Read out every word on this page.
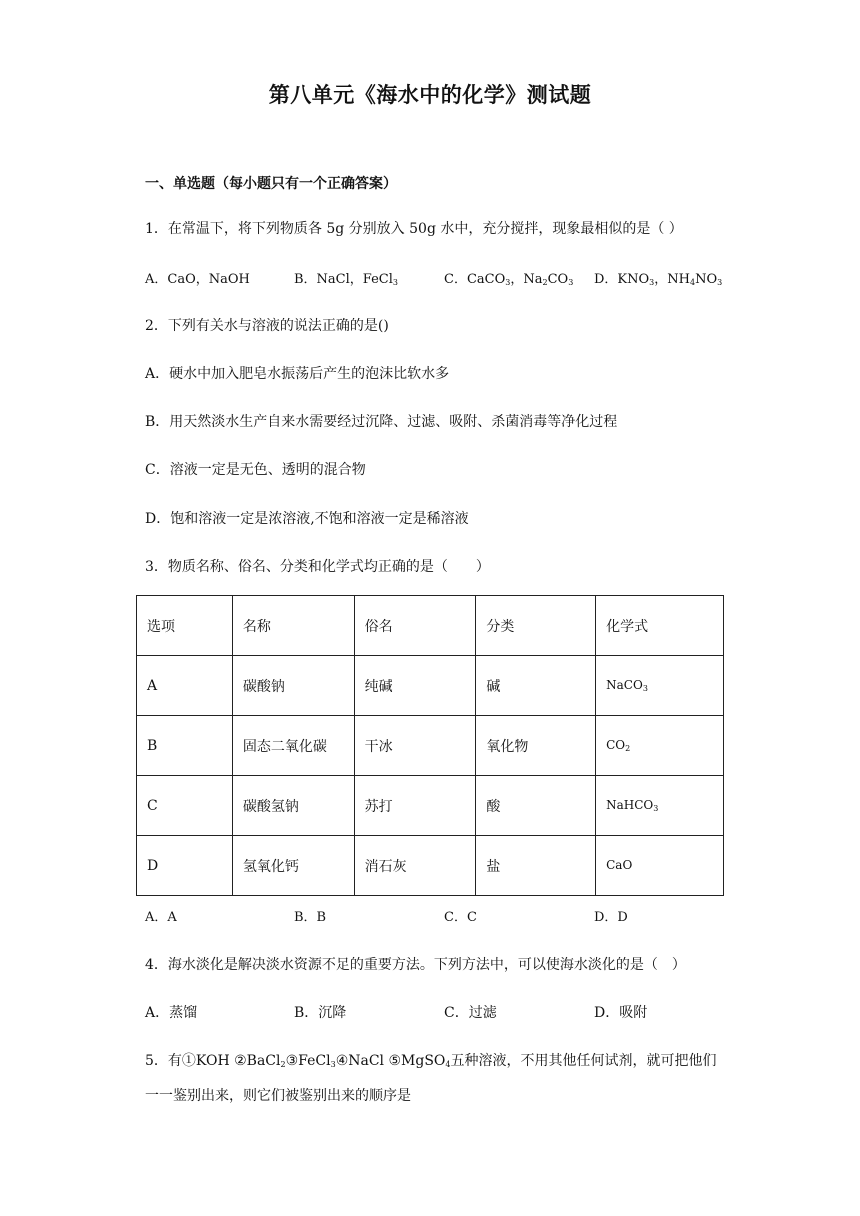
第八单元《海水中的化学》测试题
一、单选题（每小题只有一个正确答案）
1．在常温下，将下列物质各 5g 分别放入 50g 水中，充分搅拌，现象最相似的是（ ）
A．CaO，NaOH	B．NaCl，FeCl$_3$	C．CaCO$_3$，$Na_2CO_3$ D．$KNO_3$，$NH_4NO_3$
2．下列有关水与溶液的说法正确的是()
A．硬水中加入肥皂水振荡后产生的泡沫比软水多
B．用天然淡水生产自来水需要经过沉降、过滤、吸附、杀菌消毒等净化过程
C．溶液一定是无色、透明的混合物
D．饱和溶液一定是浓溶液,不饱和溶液一定是稀溶液
3．物质名称、俗名、分类和化学式均正确的是（　　）
选项	名称	俗名	分类	化学式
A	碳酸钠	纯碱	碱	NaCO$_3$
B	固态二氧化碳	干冰	氧化物	$CO_2$
C	碳酸氢钠	苏打	酸	NaHCO$_3$
D	氢氧化钙	消石灰	盐	CaO
A．A	B．B	C．C	D．D
4．海水淡化是解决淡水资源不足的重要方法。下列方法中，可以使海水淡化的是（　）
A．蒸馏	B．沉降	C．过滤	D．吸附
5．有①KOH ②BaCl$_2$③FeCl$_3$④NaCl ⑤MgSO$_4$五种溶液，不用其他任何试剂，就可把他们
一一鉴别出来，则它们被鉴别出来的顺序是
